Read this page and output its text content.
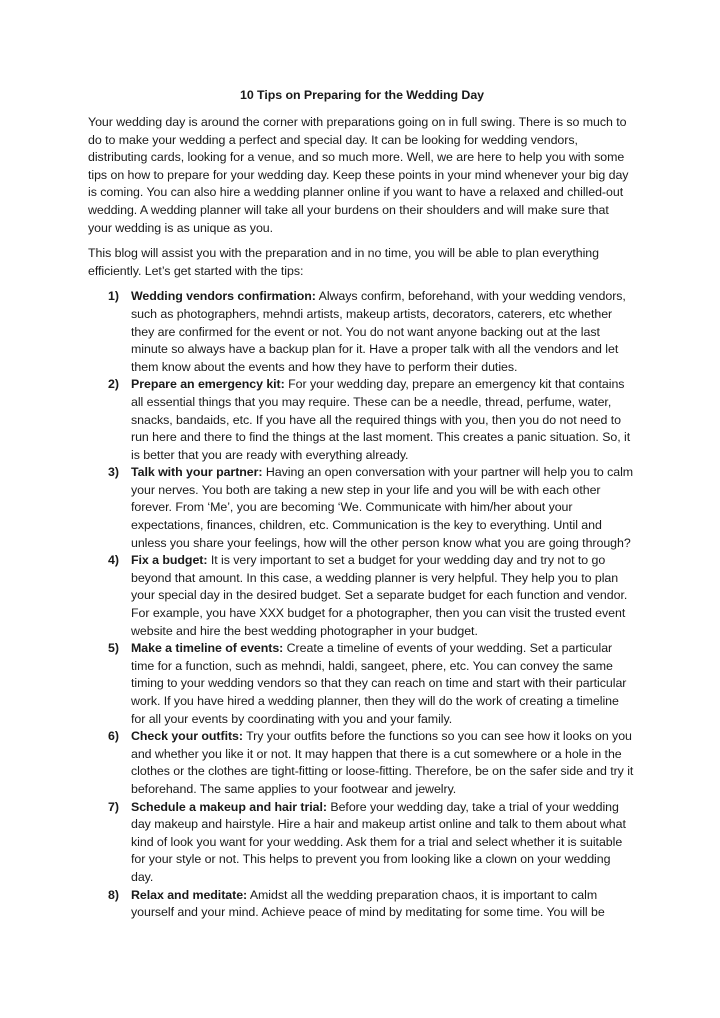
10 Tips on Preparing for the Wedding Day

Your wedding day is around the corner with preparations going on in full swing. There is so much to do to make your wedding a perfect and special day. It can be looking for wedding vendors, distributing cards, looking for a venue, and so much more. Well, we are here to help you with some tips on how to prepare for your wedding day. Keep these points in your mind whenever your big day is coming. You can also hire a wedding planner online if you want to have a relaxed and chilled-out wedding. A wedding planner will take all your burdens on their shoulders and will make sure that your wedding is as unique as you.

This blog will assist you with the preparation and in no time, you will be able to plan everything efficiently. Let’s get started with the tips:

1) Wedding vendors confirmation: Always confirm, beforehand, with your wedding vendors, such as photographers, mehndi artists, makeup artists, decorators, caterers, etc whether they are confirmed for the event or not. You do not want anyone backing out at the last minute so always have a backup plan for it. Have a proper talk with all the vendors and let them know about the events and how they have to perform their duties.
2) Prepare an emergency kit: For your wedding day, prepare an emergency kit that contains all essential things that you may require. These can be a needle, thread, perfume, water, snacks, bandaids, etc. If you have all the required things with you, then you do not need to run here and there to find the things at the last moment. This creates a panic situation. So, it is better that you are ready with everything already.
3) Talk with your partner: Having an open conversation with your partner will help you to calm your nerves. You both are taking a new step in your life and you will be with each other forever. From ‘Me’, you are becoming ‘We. Communicate with him/her about your expectations, finances, children, etc. Communication is the key to everything. Until and unless you share your feelings, how will the other person know what you are going through?
4) Fix a budget: It is very important to set a budget for your wedding day and try not to go beyond that amount. In this case, a wedding planner is very helpful. They help you to plan your special day in the desired budget. Set a separate budget for each function and vendor. For example, you have XXX budget for a photographer, then you can visit the trusted event website and hire the best wedding photographer in your budget.
5) Make a timeline of events: Create a timeline of events of your wedding. Set a particular time for a function, such as mehndi, haldi, sangeet, phere, etc. You can convey the same timing to your wedding vendors so that they can reach on time and start with their particular work. If you have hired a wedding planner, then they will do the work of creating a timeline for all your events by coordinating with you and your family.
6) Check your outfits: Try your outfits before the functions so you can see how it looks on you and whether you like it or not. It may happen that there is a cut somewhere or a hole in the clothes or the clothes are tight-fitting or loose-fitting. Therefore, be on the safer side and try it beforehand. The same applies to your footwear and jewelry.
7) Schedule a makeup and hair trial: Before your wedding day, take a trial of your wedding day makeup and hairstyle. Hire a hair and makeup artist online and talk to them about what kind of look you want for your wedding. Ask them for a trial and select whether it is suitable for your style or not. This helps to prevent you from looking like a clown on your wedding day.
8) Relax and meditate: Amidst all the wedding preparation chaos, it is important to calm yourself and your mind. Achieve peace of mind by meditating for some time. You will be
